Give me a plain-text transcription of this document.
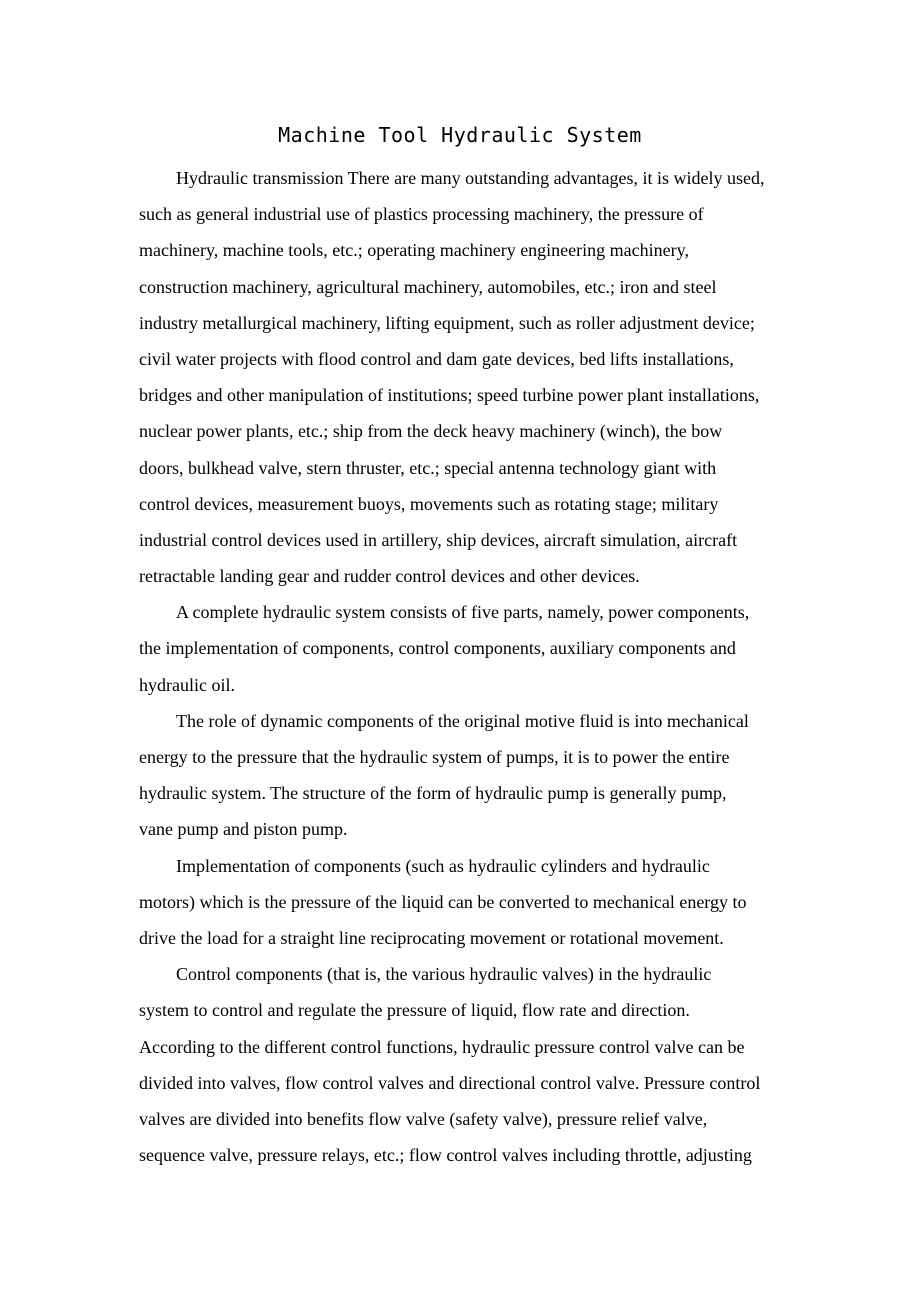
Machine Tool Hydraulic System
Hydraulic transmission There are many outstanding advantages, it is widely used,
such as general industrial use of plastics processing machinery, the pressure of
machinery, machine tools, etc.; operating machinery engineering machinery,
construction machinery, agricultural machinery, automobiles, etc.; iron and steel
industry metallurgical machinery, lifting equipment, such as roller adjustment device;
civil water projects with flood control and dam gate devices, bed lifts installations,
bridges and other manipulation of institutions; speed turbine power plant installations,
nuclear power plants, etc.; ship from the deck heavy machinery (winch), the bow
doors, bulkhead valve, stern thruster, etc.; special antenna technology giant with
control devices, measurement buoys, movements such as rotating stage; military
industrial control devices used in artillery, ship devices, aircraft simulation, aircraft
retractable landing gear and rudder control devices and other devices.
A complete hydraulic system consists of five parts, namely, power components,
the implementation of components, control components, auxiliary components and
hydraulic oil.
The role of dynamic components of the original motive fluid is into mechanical
energy to the pressure that the hydraulic system of pumps, it is to power the entire
hydraulic system. The structure of the form of hydraulic pump is generally pump,
vane pump and piston pump.
Implementation of components (such as hydraulic cylinders and hydraulic
motors) which is the pressure of the liquid can be converted to mechanical energy to
drive the load for a straight line reciprocating movement or rotational movement.
Control components (that is, the various hydraulic valves) in the hydraulic
system to control and regulate the pressure of liquid, flow rate and direction.
According to the different control functions, hydraulic pressure control valve can be
divided into valves, flow control valves and directional control valve. Pressure control
valves are divided into benefits flow valve (safety valve), pressure relief valve,
sequence valve, pressure relays, etc.; flow control valves including throttle, adjusting
